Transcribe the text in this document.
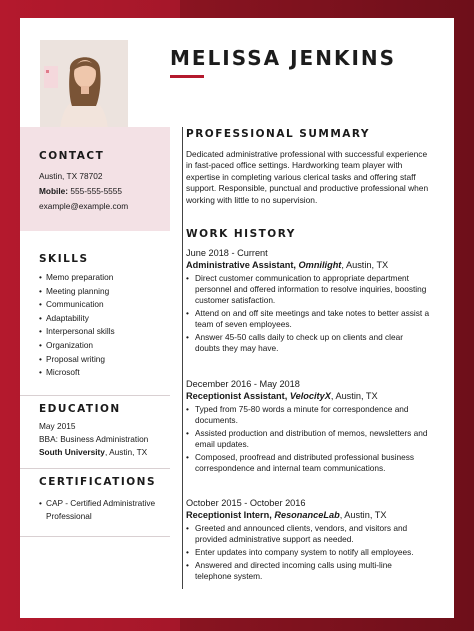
MELISSA JENKINS
CONTACT
Austin, TX 78702
Mobile: 555-555-5555
example@example.com
SKILLS
• Memo preparation
• Meeting planning
• Communication
• Adaptability
• Interpersonal skills
• Organization
• Proposal writing
• Microsoft
EDUCATION
May 2015
BBA: Business Administration
South University, Austin, TX
CERTIFICATIONS
• CAP - Certified Administrative Professional
PROFESSIONAL SUMMARY
Dedicated administrative professional with successful experience in fast-paced office settings. Hardworking team player with expertise in completing various clerical tasks and offering staff support. Responsible, punctual and productive professional when working with little to no supervision.
WORK HISTORY
June 2018 - Current
Administrative Assistant, Omnilight, Austin, TX
• Direct customer communication to appropriate department personnel and offered information to resolve inquiries, boosting customer satisfaction.
• Attend on and off site meetings and take notes to better assist a team of seven employees.
• Answer 45-50 calls daily to check up on clients and clear doubts they may have.
December 2016 - May 2018
Receptionist Assistant, VelocityX, Austin, TX
• Typed from 75-80 words a minute for correspondence and documents.
• Assisted production and distribution of memos, newsletters and email updates.
• Composed, proofread and distributed professional business correspondence and internal team communications.
October 2015 - October 2016
Receptionist Intern, ResonanceLab, Austin, TX
• Greeted and announced clients, vendors, and visitors and provided administrative support as needed.
• Enter updates into company system to notify all employees.
• Answered and directed incoming calls using multi-line telephone system.
